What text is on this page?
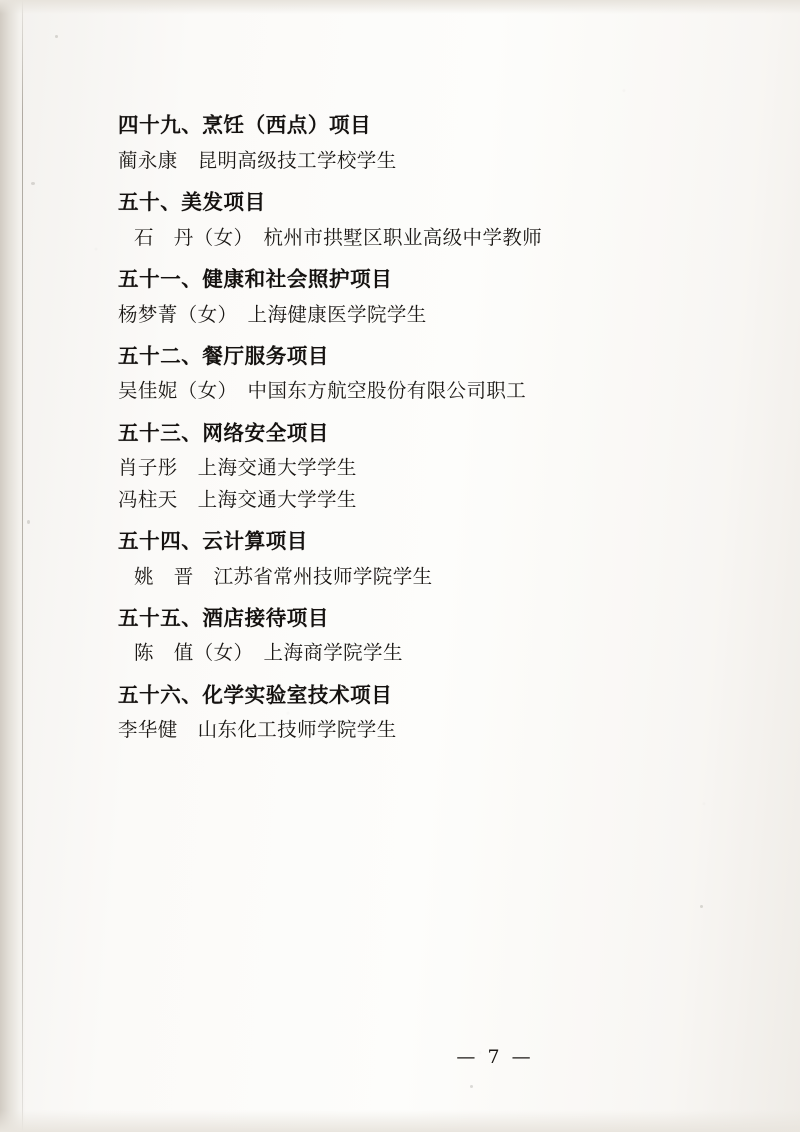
四十九、烹饪（西点）项目
蔺永康　昆明高级技工学校学生
五十、美发项目
石　丹（女）　杭州市拱墅区职业高级中学教师
五十一、健康和社会照护项目
杨梦菁（女）　上海健康医学院学生
五十二、餐厅服务项目
吴佳妮（女）　中国东方航空股份有限公司职工
五十三、网络安全项目
肖子彤　上海交通大学学生
冯柱天　上海交通大学学生
五十四、云计算项目
姚　晋　江苏省常州技师学院学生
五十五、酒店接待项目
陈　值（女）　上海商学院学生
五十六、化学实验室技术项目
李华健　山东化工技师学院学生
— 7 —
